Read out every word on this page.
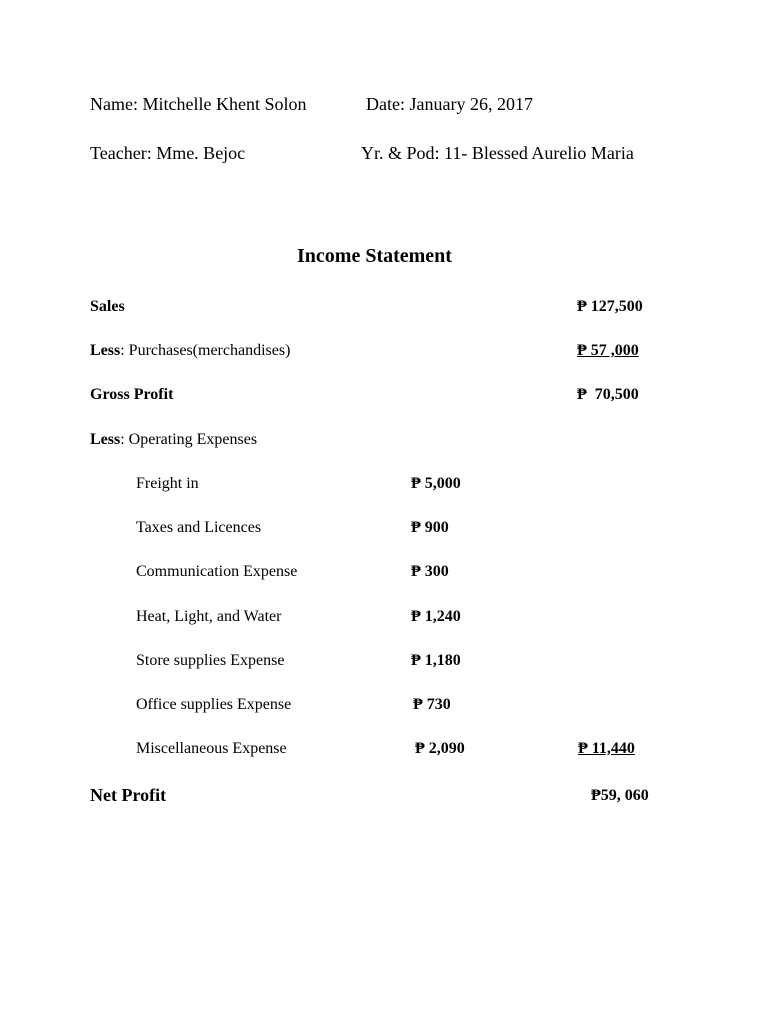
Name: Mitchelle Khent Solon	Date: January 26, 2017
Teacher: Mme. Bejoc	Yr. & Pod: 11- Blessed Aurelio Maria
Income Statement
Sales	₱ 127,500
Less: Purchases(merchandises)	₱ 57 ,000
Gross Profit	₱  70,500
Less: Operating Expenses
Freight in	₱ 5,000
Taxes and Licences	₱ 900
Communication Expense	₱ 300
Heat, Light, and Water	₱ 1,240
Store supplies Expense	₱ 1,180
Office supplies Expense	₱ 730
Miscellaneous Expense	₱ 2,090	₱ 11,440
Net Profit	₱59, 060
